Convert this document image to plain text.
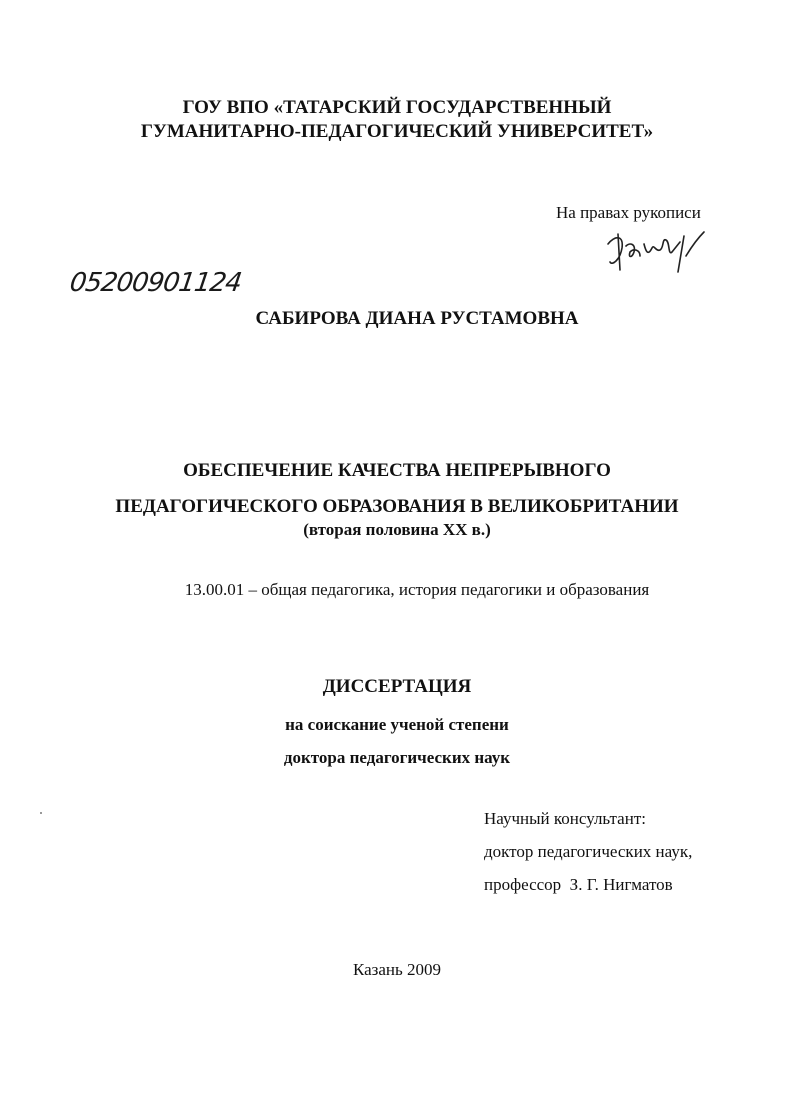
ГОУ ВПО «ТАТАРСКИЙ ГОСУДАРСТВЕННЫЙ
ГУМАНИТАРНО-ПЕДАГОГИЧЕСКИЙ УНИВЕРСИТЕТ»
На правах рукописи
05200901124
САБИРОВА ДИАНА РУСТАМОВНА
ОБЕСПЕЧЕНИЕ КАЧЕСТВА НЕПРЕРЫВНОГО
ПЕДАГОГИЧЕСКОГО ОБРАЗОВАНИЯ В ВЕЛИКОБРИТАНИИ
(вторая половина XX в.)
13.00.01 – общая педагогика, история педагогики и образования
ДИССЕРТАЦИЯ
на соискание ученой степени
доктора педагогических наук
Научный консультант:
доктор педагогических наук,
профессор  З. Г. Нигматов
Казань 2009
